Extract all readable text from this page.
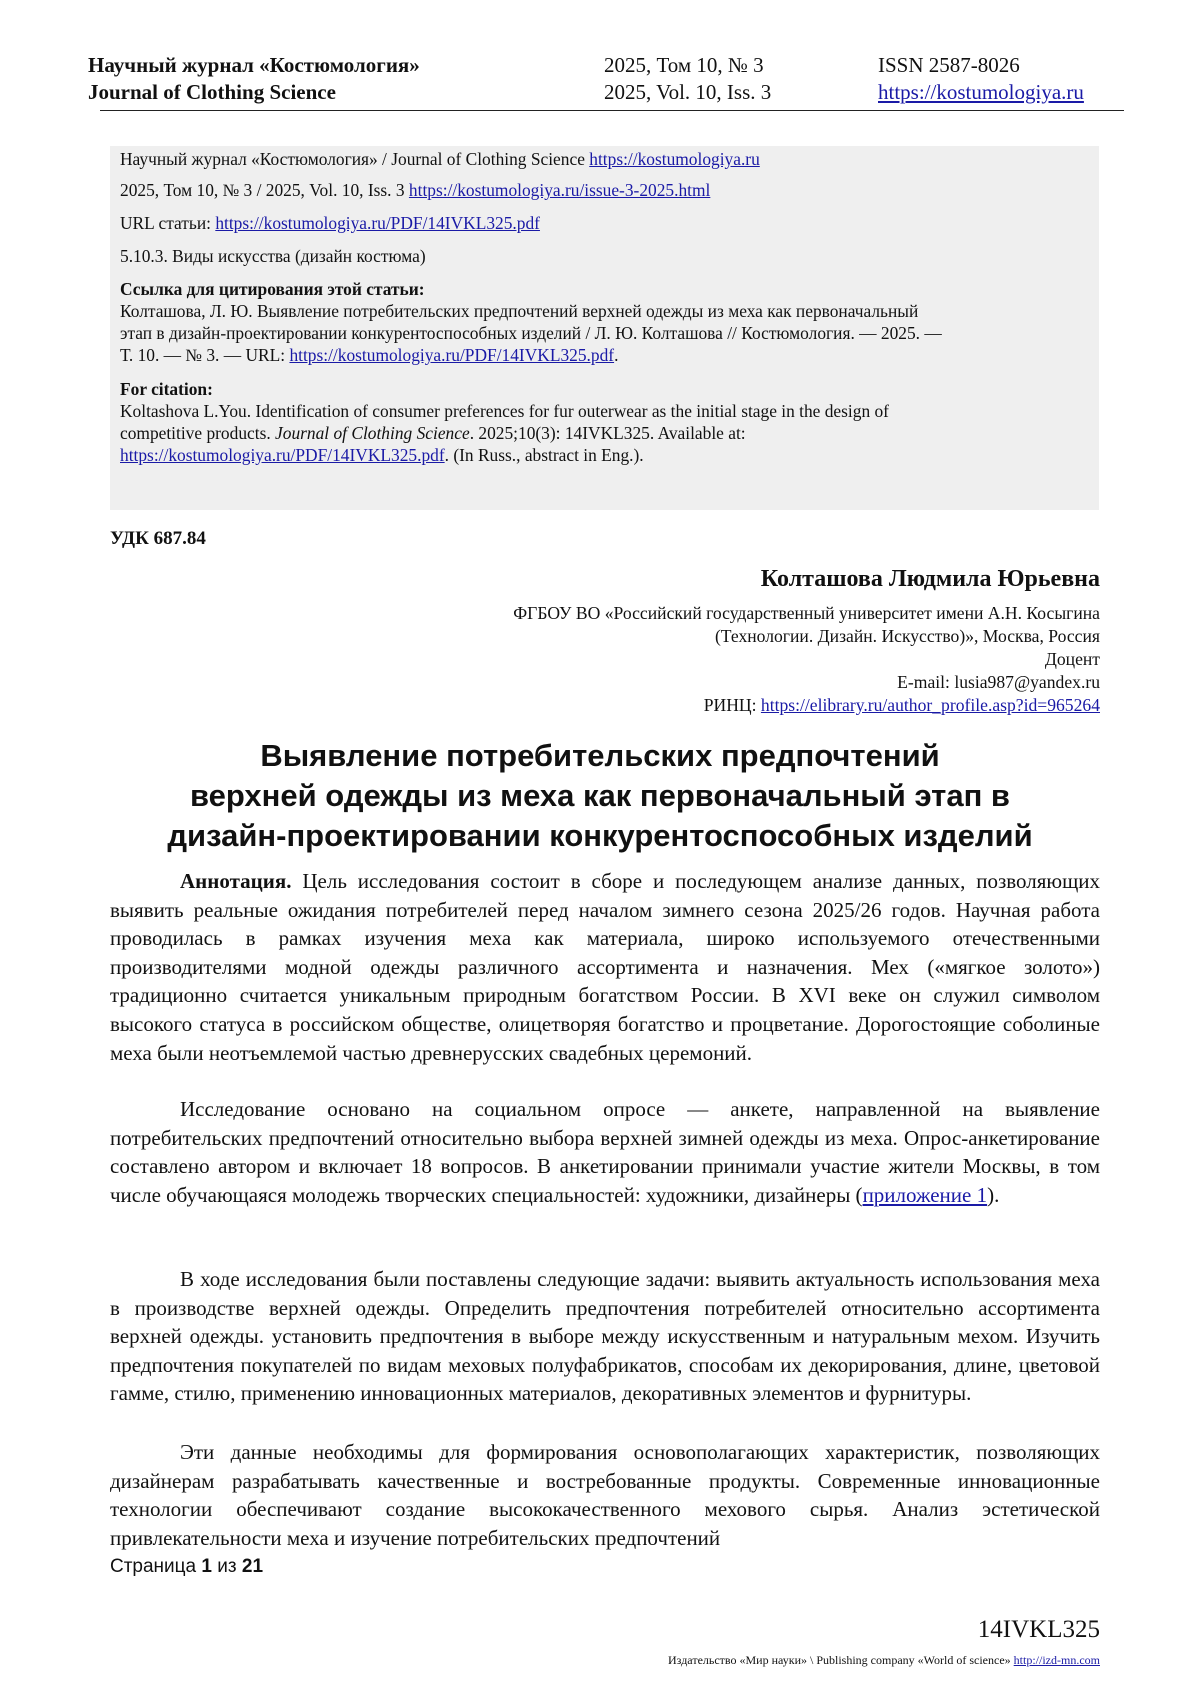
Научный журнал «Костюмология»
Journal of Clothing Science
2025, Том 10, № 3
2025, Vol. 10, Iss. 3
ISSN 2587-8026
https://kostumologiya.ru
Научный журнал «Костюмология» / Journal of Clothing Science https://kostumologiya.ru
2025, Том 10, № 3 / 2025, Vol. 10, Iss. 3 https://kostumologiya.ru/issue-3-2025.html
URL статьи: https://kostumologiya.ru/PDF/14IVKL325.pdf
5.10.3. Виды искусства (дизайн костюма)
Ссылка для цитирования этой статьи:
Колташова, Л. Ю. Выявление потребительских предпочтений верхней одежды из меха как первоначальный
этап в дизайн-проектировании конкурентоспособных изделий / Л. Ю. Колташова // Костюмология. — 2025. —
Т. 10. — № 3. — URL: https://kostumologiya.ru/PDF/14IVKL325.pdf.
For citation:
Koltashova L.You. Identification of consumer preferences for fur outerwear as the initial stage in the design of
competitive products. Journal of Clothing Science. 2025;10(3): 14IVKL325. Available at:
https://kostumologiya.ru/PDF/14IVKL325.pdf. (In Russ., abstract in Eng.).
УДК 687.84
Колташова Людмила Юрьевна
ФГБОУ ВО «Российский государственный университет имени А.Н. Косыгина
(Технологии. Дизайн. Искусство)», Москва, Россия
Доцент
E-mail: lusia987@yandex.ru
РИНЦ: https://elibrary.ru/author_profile.asp?id=965264
Выявление потребительских предпочтений
верхней одежды из меха как первоначальный этап в
дизайн-проектировании конкурентоспособных изделий

Аннотация. Цель исследования состоит в сборе и последующем анализе данных, позволяющих выявить реальные ожидания потребителей перед началом зимнего сезона 2025/26 годов. Научная работа проводилась в рамках изучения меха как материала, широко используемого отечественными производителями модной одежды различного ассортимента и назначения. Мех («мягкое золото») традиционно считается уникальным природным богатством России. В XVI веке он служил символом высокого статуса в российском обществе, олицетворяя богатство и процветание. Дорогостоящие соболиные меха были неотъемлемой частью древнерусских свадебных церемоний.

Исследование основано на социальном опросе — анкете, направленной на выявление потребительских предпочтений относительно выбора верхней зимней одежды из меха. Опрос-анкетирование составлено автором и включает 18 вопросов. В анкетировании принимали участие жители Москвы, в том числе обучающаяся молодежь творческих специальностей: художники, дизайнеры (приложение 1).

В ходе исследования были поставлены следующие задачи: выявить актуальность использования меха в производстве верхней одежды. Определить предпочтения потребителей относительно ассортимента верхней одежды. установить предпочтения в выборе между искусственным и натуральным мехом. Изучить предпочтения покупателей по видам меховых полуфабрикатов, способам их декорирования, длине, цветовой гамме, стилю, применению инновационных материалов, декоративных элементов и фурнитуры.

Эти данные необходимы для формирования основополагающих характеристик, позволяющих дизайнерам разрабатывать качественные и востребованные продукты. Современные инновационные технологии обеспечивают создание высококачественного мехового сырья. Анализ эстетической привлекательности меха и изучение потребительских предпочтений

Страница 1 из 21
14IVKL325
Издательство «Мир науки» \ Publishing company «World of science» http://izd-mn.com
